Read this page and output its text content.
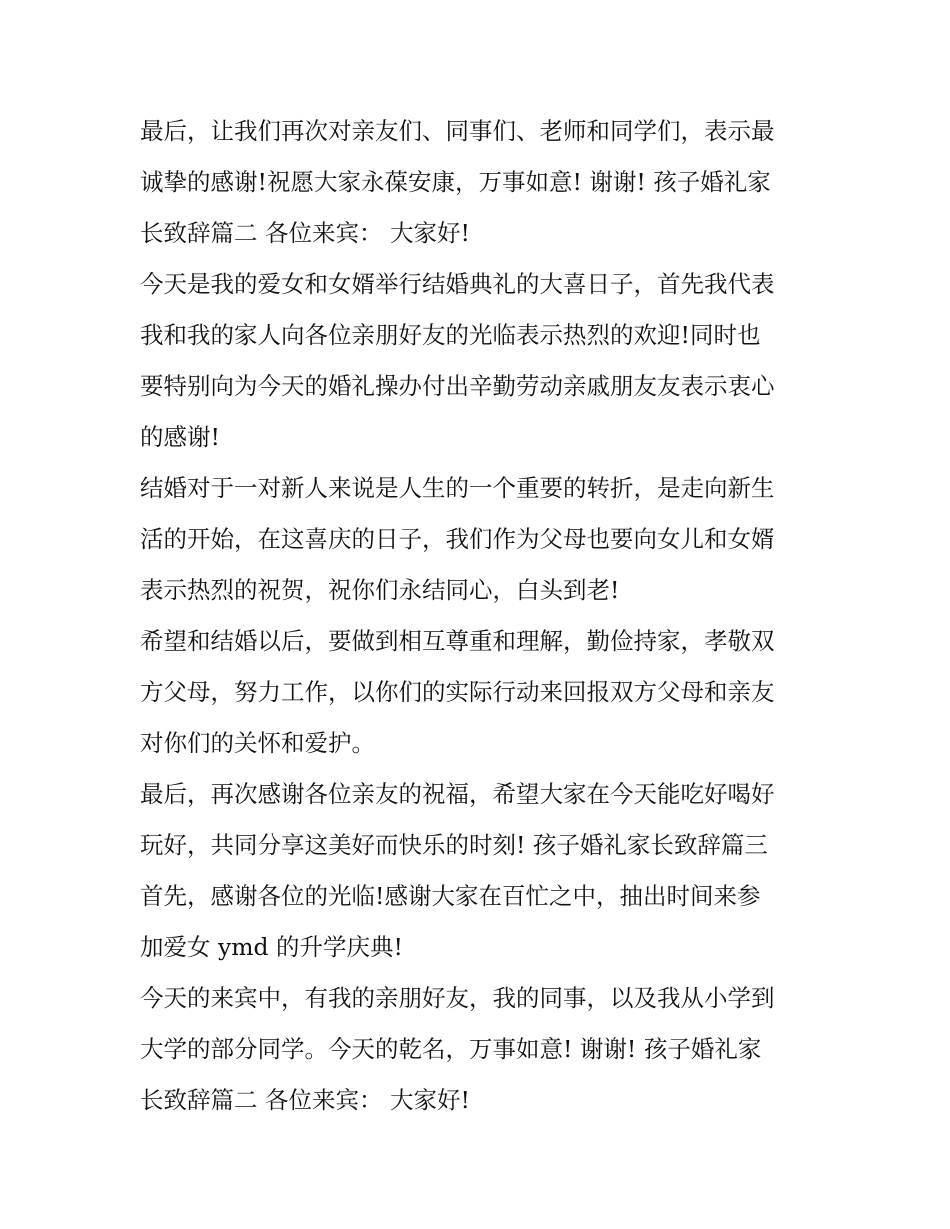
最后，让我们再次对亲友们、同事们、老师和同学们，表示最
诚挚的感谢!祝愿大家永葆安康，万事如意! 谢谢! 孩子婚礼家
长致辞篇二 各位来宾： 大家好!
今天是我的爱女和女婿举行结婚典礼的大喜日子，首先我代表
我和我的家人向各位亲朋好友的光临表示热烈的欢迎!同时也
要特别向为今天的婚礼操办付出辛勤劳动亲戚朋友友表示衷心
的感谢!
结婚对于一对新人来说是人生的一个重要的转折，是走向新生
活的开始，在这喜庆的日子，我们作为父母也要向女儿和女婿
表示热烈的祝贺，祝你们永结同心，白头到老!
希望和结婚以后，要做到相互尊重和理解，勤俭持家，孝敬双
方父母，努力工作，以你们的实际行动来回报双方父母和亲友
对你们的关怀和爱护。
最后，再次感谢各位亲友的祝福，希望大家在今天能吃好喝好
玩好，共同分享这美好而快乐的时刻! 孩子婚礼家长致辞篇三
首先，感谢各位的光临!感谢大家在百忙之中，抽出时间来参
加爱女 ymd 的升学庆典!
今天的来宾中，有我的亲朋好友，我的同事，以及我从小学到
大学的部分同学。今天的乾名，万事如意! 谢谢! 孩子婚礼家
长致辞篇二 各位来宾： 大家好!
